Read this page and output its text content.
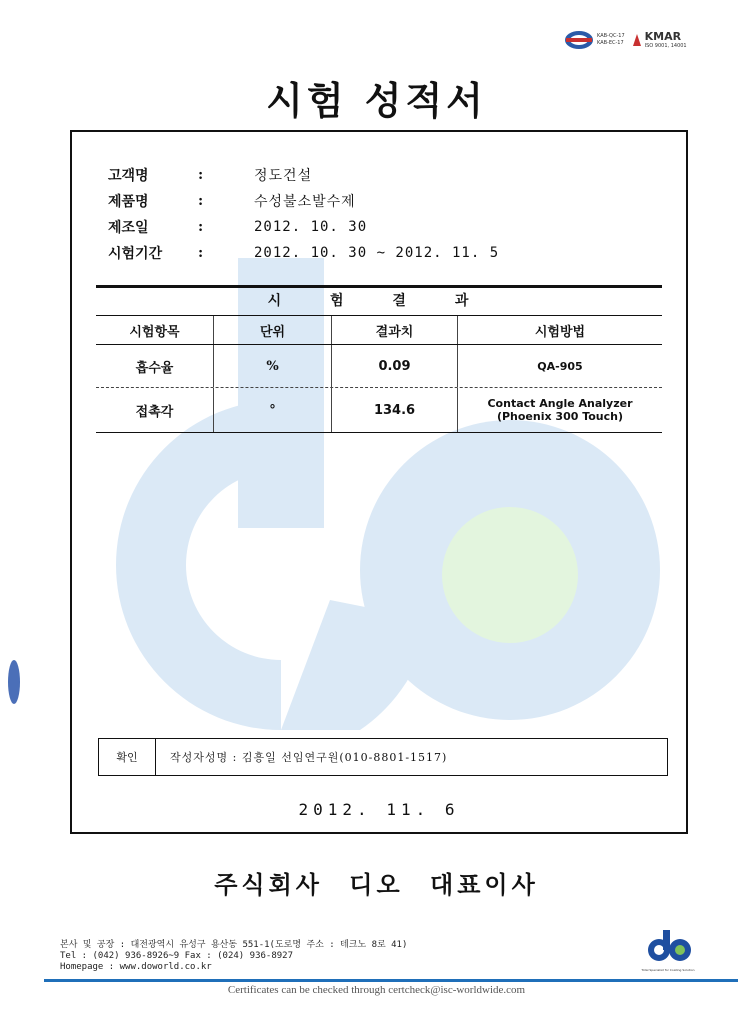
KAB-QC-17
KAB-EC-17 KMAR
ISO 9001, 14001
시험 성적서
고객명	:	정도건설
제품명	:	수성불소발수제
제조일	:	2012. 10. 30
시험기간	:	2012. 10. 30 ~ 2012. 11. 5
시 험 결 과
시험항목	단위	결과치	시험방법
흡수율	%	0.09	QA-905
접촉각	°	134.6	Contact Angle Analyzer
(Phoenix 300 Touch)
확인	작성자성명 : 김흥일 선임연구원(010-8801-1517)
2012. 11. 6
주식회사 디오 대표이사
본사 및 공장 : 대전광역시 유성구 용산동 551-1(도로명 주소 : 테크노 8로 41)
Tel : (042) 936-8926~9 Fax : (024) 936-8927
Homepage : www.doworld.co.kr	Total Specialist for Coating Solution
Certificates can be checked through certcheck@isc-worldwide.com
